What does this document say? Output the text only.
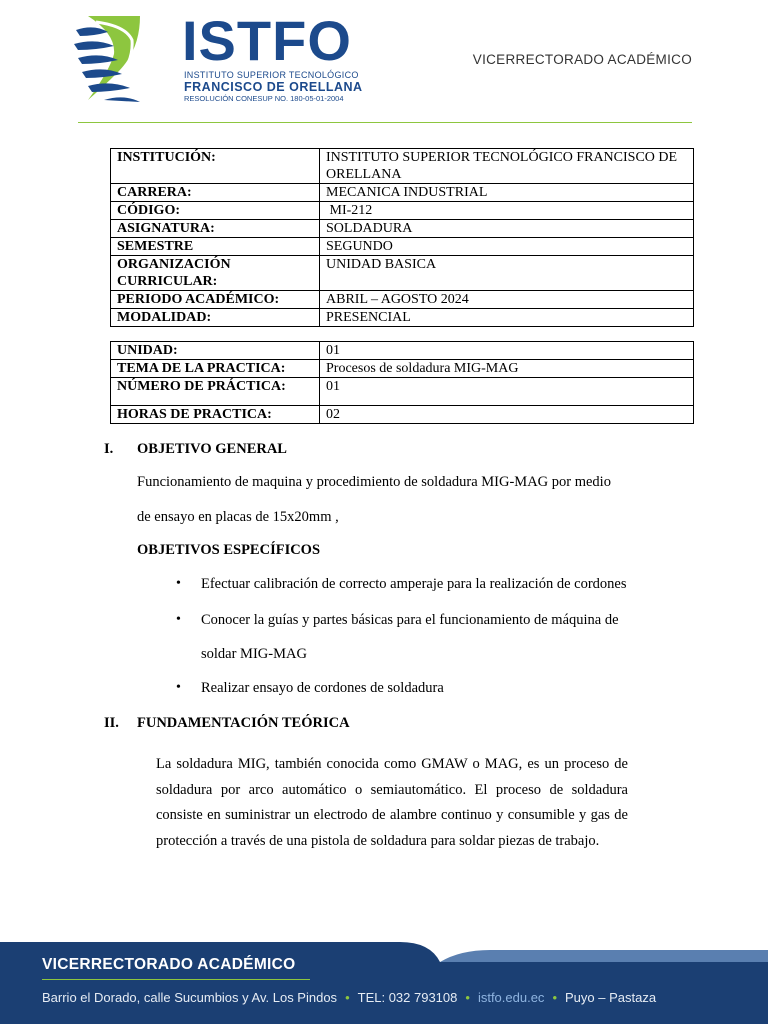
ISTFO
INSTITUTO SUPERIOR TECNOLÓGICO
FRANCISCO DE ORELLANA
RESOLUCIÓN CONESUP NO. 180-05-01-2004
VICERRECTORADO ACADÉMICO
INSTITUCIÓN:	INSTITUTO SUPERIOR TECNOLÓGICO FRANCISCO DE ORELLANA
CARRERA:	MECANICA INDUSTRIAL
CÓDIGO:	MI-212
ASIGNATURA:	SOLDADURA
SEMESTRE	SEGUNDO
ORGANIZACIÓN CURRICULAR:	UNIDAD BASICA
PERIODO ACADÉMICO:	ABRIL – AGOSTO 2024
MODALIDAD:	PRESENCIAL
UNIDAD:	01
TEMA DE LA PRACTICA:	Procesos de soldadura MIG-MAG
NÚMERO DE PRÁCTICA:	01
HORAS DE PRACTICA:	02
I. OBJETIVO GENERAL
Funcionamiento de maquina y procedimiento de soldadura MIG-MAG por medio
de ensayo en placas de 15x20mm ,
OBJETIVOS ESPECÍFICOS
• Efectuar calibración de correcto amperaje para la realización de cordones
• Conocer la guías y partes básicas para el funcionamiento de máquina de
soldar MIG-MAG
• Realizar ensayo de cordones de soldadura
II. FUNDAMENTACIÓN TEÓRICA
La soldadura MIG, también conocida como GMAW o MAG, es un proceso de soldadura por arco automático o semiautomático. El proceso de soldadura consiste en suministrar un electrodo de alambre continuo y consumible y gas de protección a través de una pistola de soldadura para soldar piezas de trabajo.
VICERRECTORADO ACADÉMICO
Barrio el Dorado, calle Sucumbios y Av. Los Pindos • TEL: 032 793108 • istfo.edu.ec • Puyo – Pastaza
